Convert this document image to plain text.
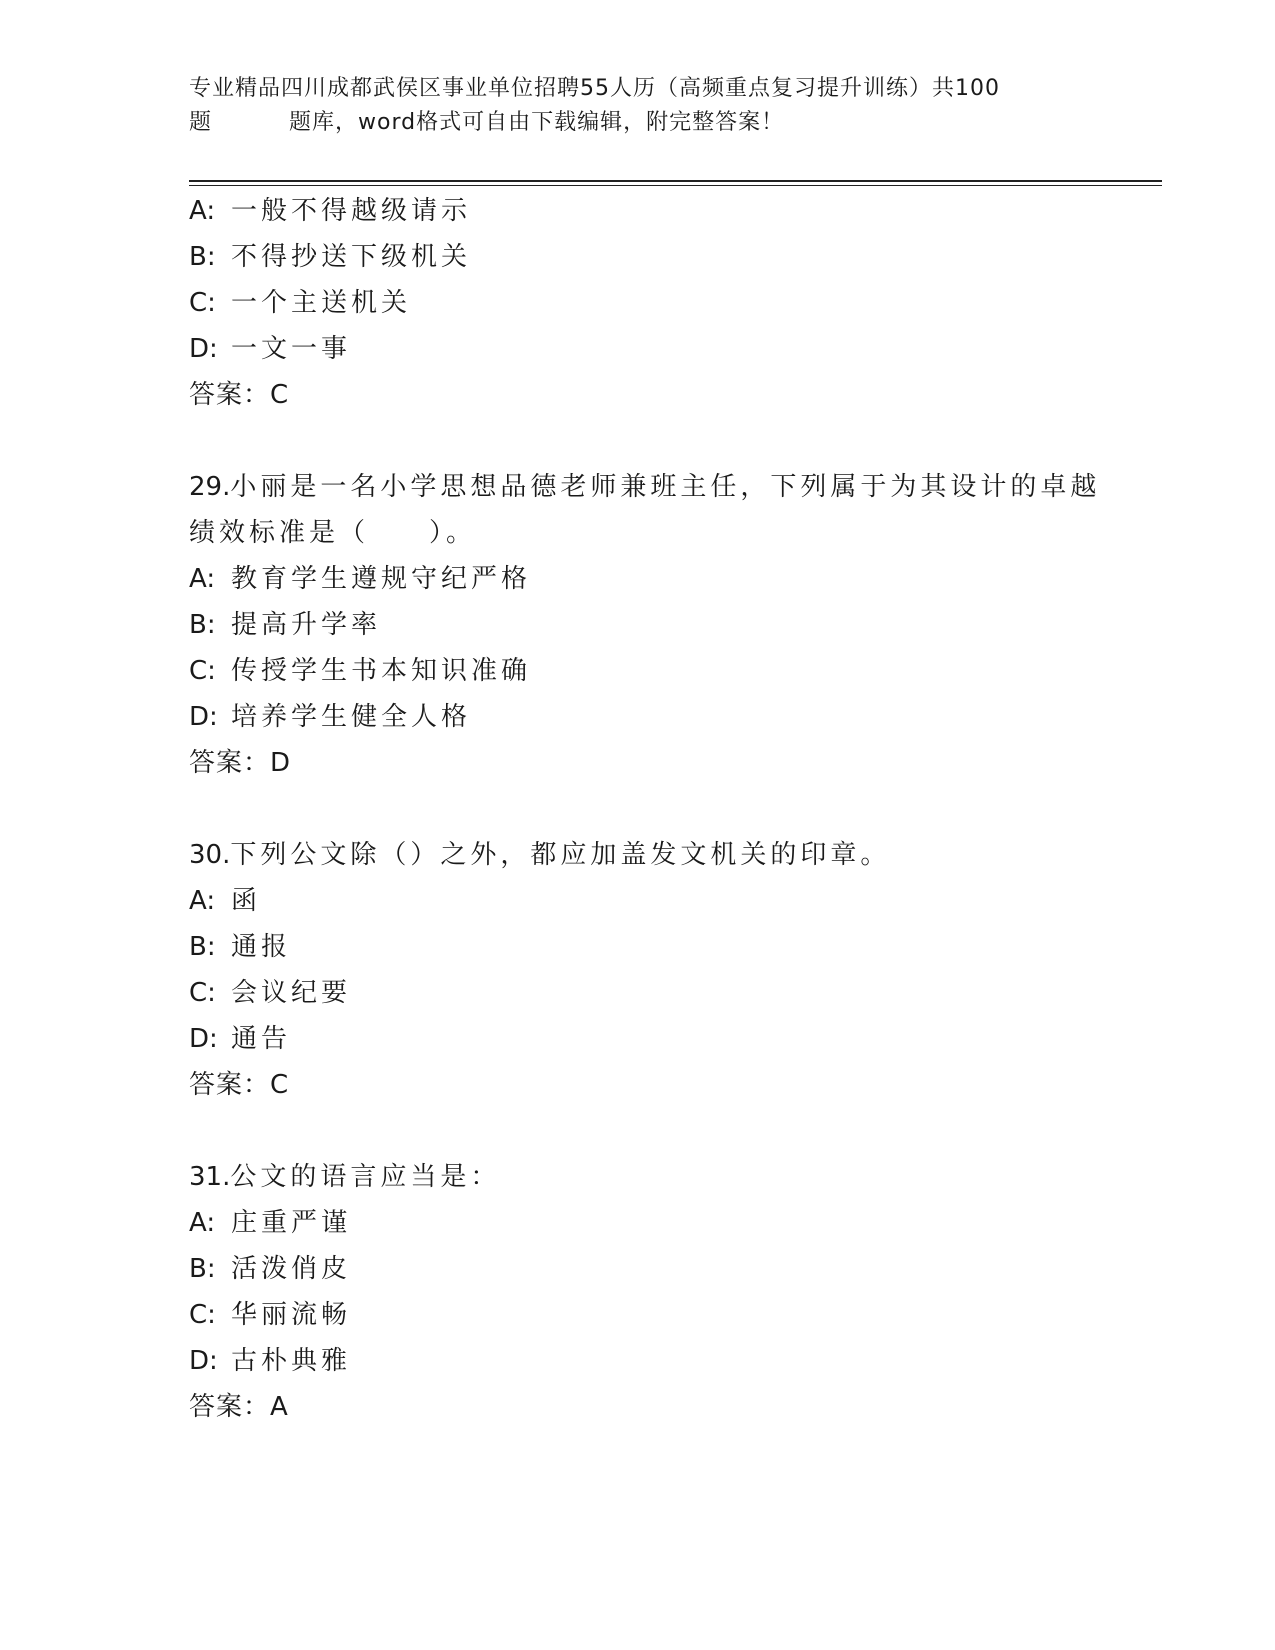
专业精品四川成都武侯区事业单位招聘55人历（高频重点复习提升训练）共100
题	题库，word格式可自由下载编辑，附完整答案！
A: 一般不得越级请示
B: 不得抄送下级机关
C: 一个主送机关
D: 一文一事
答案：C
29.小丽是一名小学思想品德老师兼班主任，下列属于为其设计的卓越
绩效标准是（　　）。
A: 教育学生遵规守纪严格
B: 提高升学率
C: 传授学生书本知识准确
D: 培养学生健全人格
答案：D
30.下列公文除（）之外，都应加盖发文机关的印章。
A: 函
B: 通报
C: 会议纪要
D: 通告
答案：C
31.公文的语言应当是：
A: 庄重严谨
B: 活泼俏皮
C: 华丽流畅
D: 古朴典雅
答案：A
